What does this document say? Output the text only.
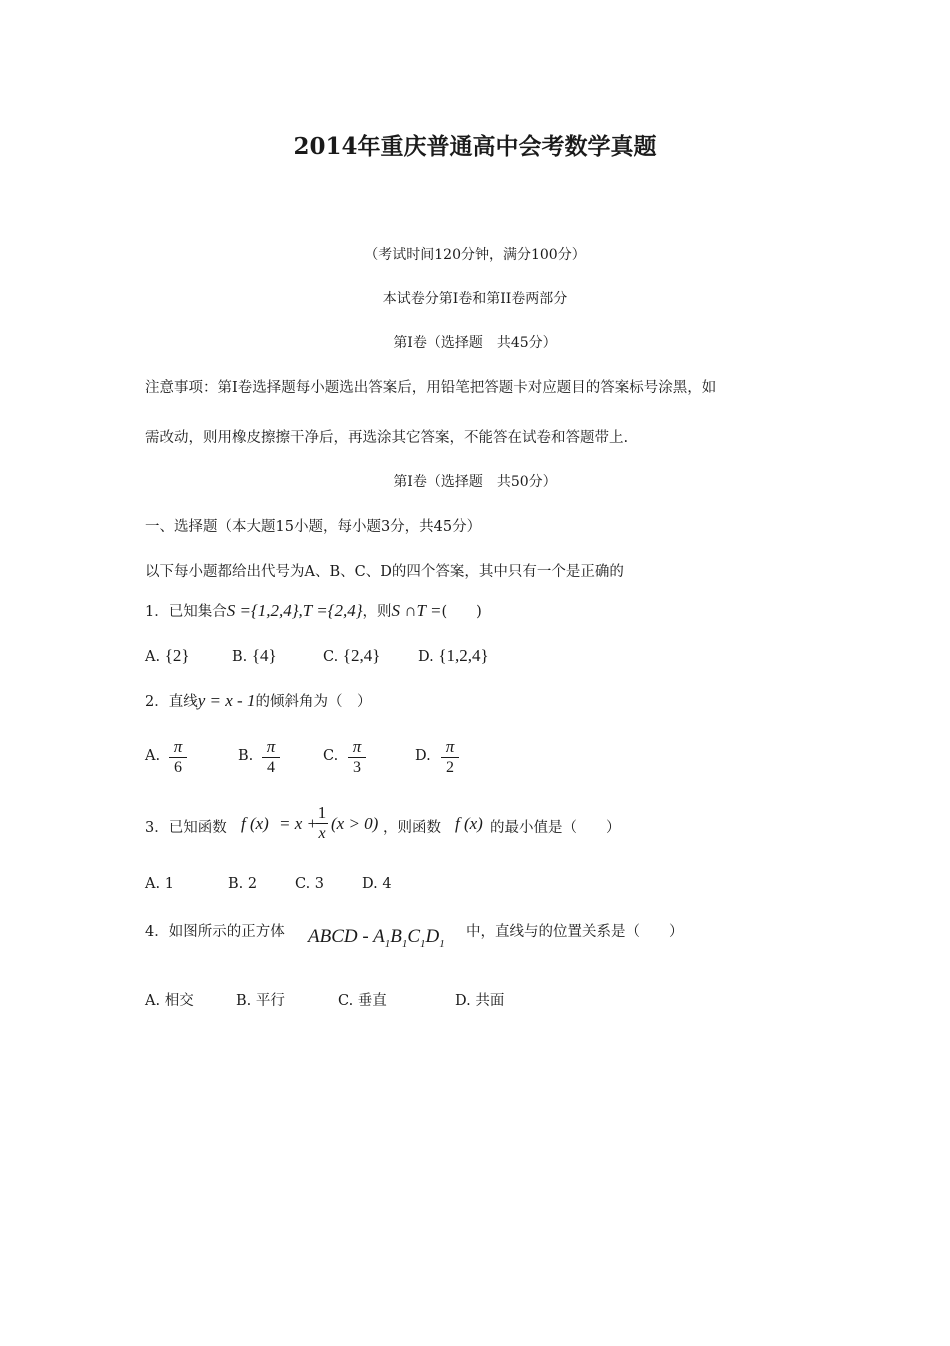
2014年重庆普通高中会考数学真题
（考试时间120分钟，满分100分）
本试卷分第I卷和第II卷两部分
第I卷（选择题　共45分）
注意事项：第I卷选择题每小题选出答案后，用铅笔把答题卡对应题目的答案标号涂黑，如
需改动，则用橡皮擦擦干净后，再选涂其它答案，不能答在试卷和答题带上.
第I卷（选择题　共50分）
一、选择题（本大题15小题，每小题3分，共45分）
以下每小题都给出代号为A、B、C、D的四个答案，其中只有一个是正确的
1．已知集合S ={1,2,4},T ={2,4}，则S ∩T =(　　)
A. {2}	B. {4}	C. {2,4}	D. {1,2,4}
2．直线y = x - 1的倾斜角为（　）
A. π
6
B. π
4
C. π
3
D. π
2
3．已知函数 f (x) = x +
1
x
(x > 0) ，则函数 f (x) 的最小值是（　　）
A. 1	B. 2	C. 3	D. 4
4．如图所示的正方体 ABCD - $A_1B_1C_1D_1$
中，直线与的位置关系是（　　）
A. 相交	B. 平行	C. 垂直	D. 共面
